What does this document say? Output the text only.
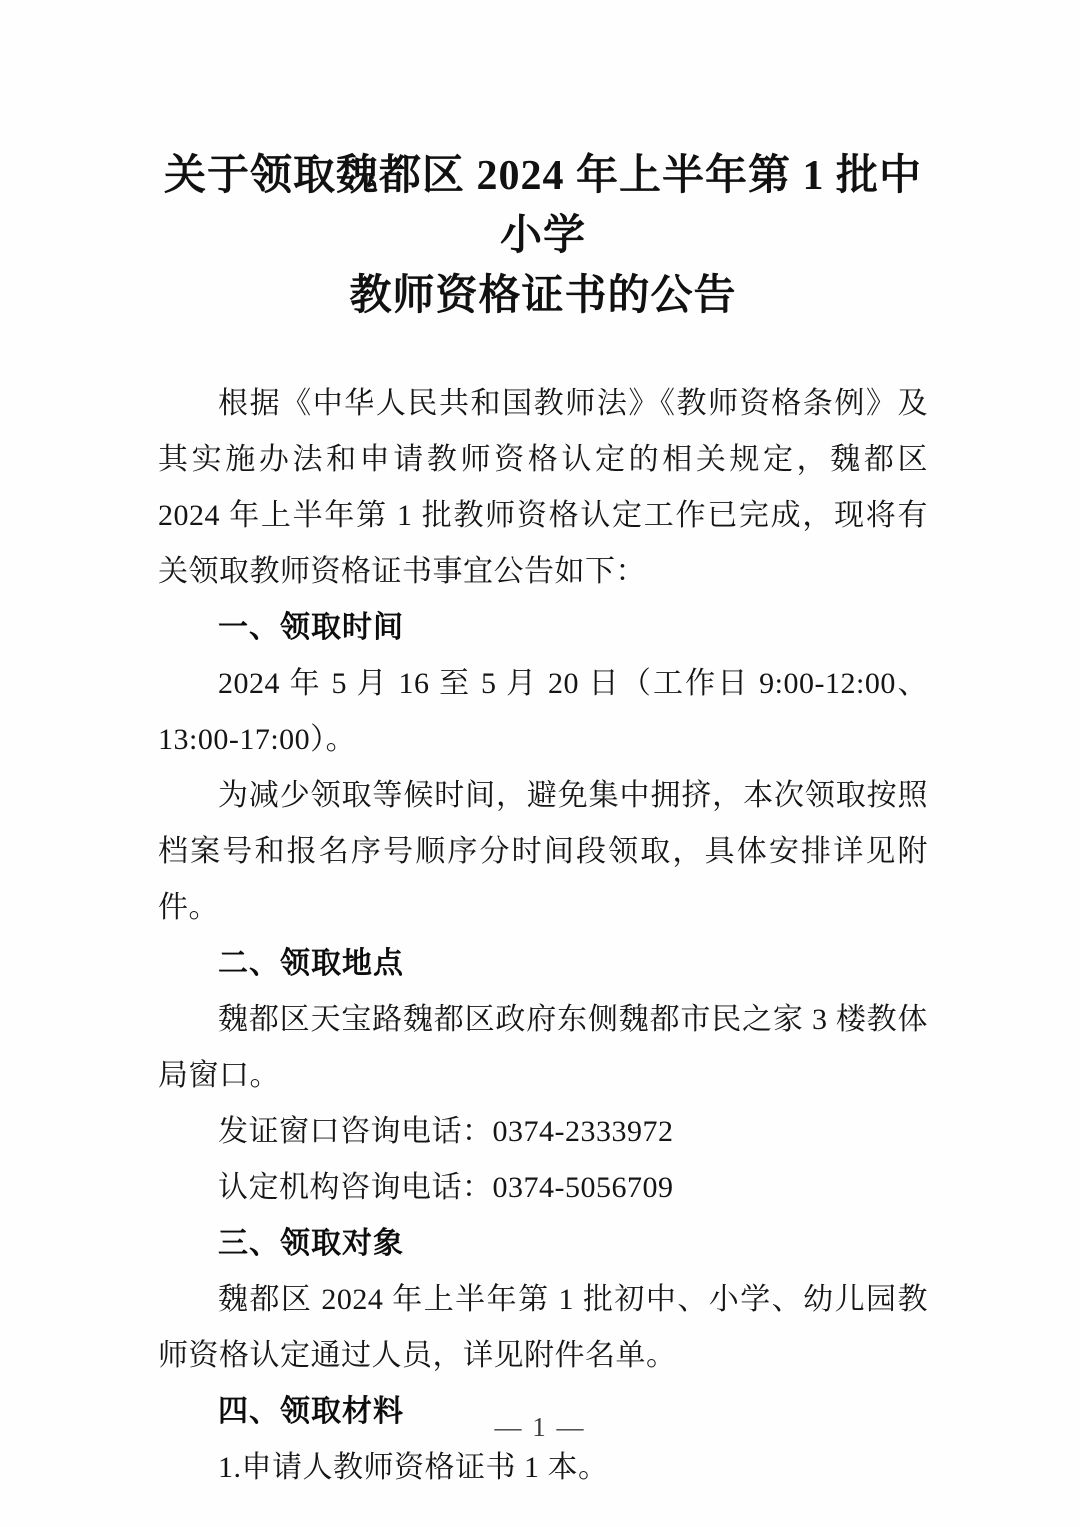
关于领取魏都区 2024 年上半年第 1 批中小学
教师资格证书的公告

根据《中华人民共和国教师法》《教师资格条例》及其实施办法和申请教师资格认定的相关规定，魏都区 2024 年上半年第 1 批教师资格认定工作已完成，现将有关领取教师资格证书事宜公告如下：

一、领取时间

2024 年 5 月 16 至 5 月 20 日（工作日 9:00-12:00、13:00-17:00）。

为减少领取等候时间，避免集中拥挤，本次领取按照档案号和报名序号顺序分时间段领取，具体安排详见附件。

二、领取地点

魏都区天宝路魏都区政府东侧魏都市民之家 3 楼教体局窗口。

发证窗口咨询电话：0374-2333972

认定机构咨询电话：0374-5056709

三、领取对象

魏都区 2024 年上半年第 1 批初中、小学、幼儿园教师资格认定通过人员，详见附件名单。

四、领取材料

1.申请人教师资格证书 1 本。

— 1 —
